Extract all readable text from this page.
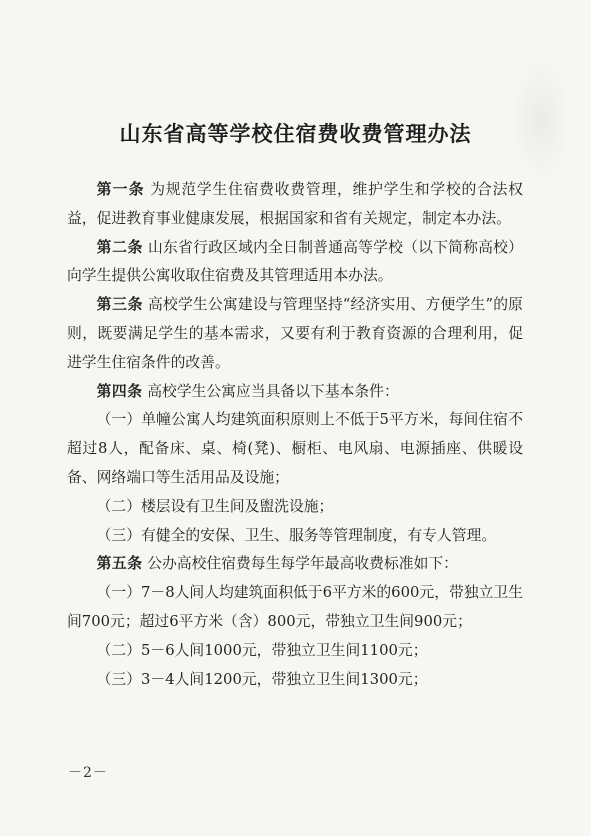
山东省高等学校住宿费收费管理办法

第一条 为规范学生住宿费收费管理，维护学生和学校的合法权益，促进教育事业健康发展，根据国家和省有关规定，制定本办法。

第二条 山东省行政区域内全日制普通高等学校（以下简称高校）向学生提供公寓收取住宿费及其管理适用本办法。

第三条 高校学生公寓建设与管理坚持“经济实用、方便学生”的原则，既要满足学生的基本需求，又要有利于教育资源的合理利用，促进学生住宿条件的改善。

第四条 高校学生公寓应当具备以下基本条件：

（一）单幢公寓人均建筑面积原则上不低于5平方米，每间住宿不超过8人，配备床、桌、椅(凳)、橱柜、电风扇、电源插座、供暖设备、网络端口等生活用品及设施；

（二）楼层设有卫生间及盥洗设施；

（三）有健全的安保、卫生、服务等管理制度，有专人管理。

第五条 公办高校住宿费每生每学年最高收费标准如下：

（一）7－8人间人均建筑面积低于6平方米的600元，带独立卫生间700元；超过6平方米（含）800元，带独立卫生间900元；

（二）5－6人间1000元，带独立卫生间1100元；

（三）3－4人间1200元，带独立卫生间1300元；

－2－
